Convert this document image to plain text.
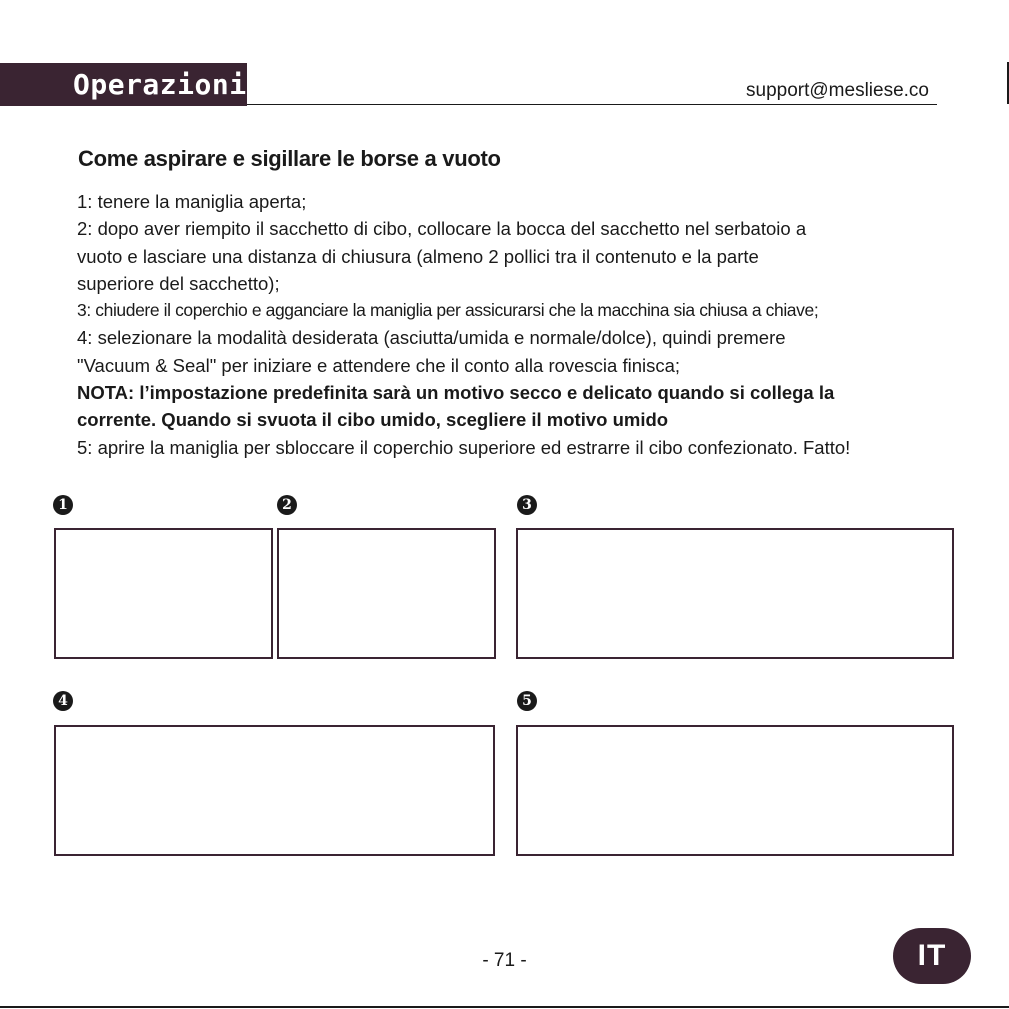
Operazioni	support@mesliese.co
Come aspirare e sigillare le borse a vuoto
1: tenere la maniglia aperta;
2: dopo aver riempito il sacchetto di cibo, collocare la bocca del sacchetto nel serbatoio a
vuoto e lasciare una distanza di chiusura (almeno 2 pollici tra il contenuto e la parte
superiore del sacchetto);
3: chiudere il coperchio e agganciare la maniglia per assicurarsi che la macchina sia chiusa a chiave;
4: selezionare la modalità desiderata (asciutta/umida e normale/dolce), quindi premere
"Vacuum & Seal" per iniziare e attendere che il conto alla rovescia finisca;
NOTA: l’impostazione predefinita sarà un motivo secco e delicato quando si collega la
corrente. Quando si svuota il cibo umido, scegliere il motivo umido
5: aprire la maniglia per sbloccare il coperchio superiore ed estrarre il cibo confezionato. Fatto!
1	2	3
4	5
- 71 -	IT
